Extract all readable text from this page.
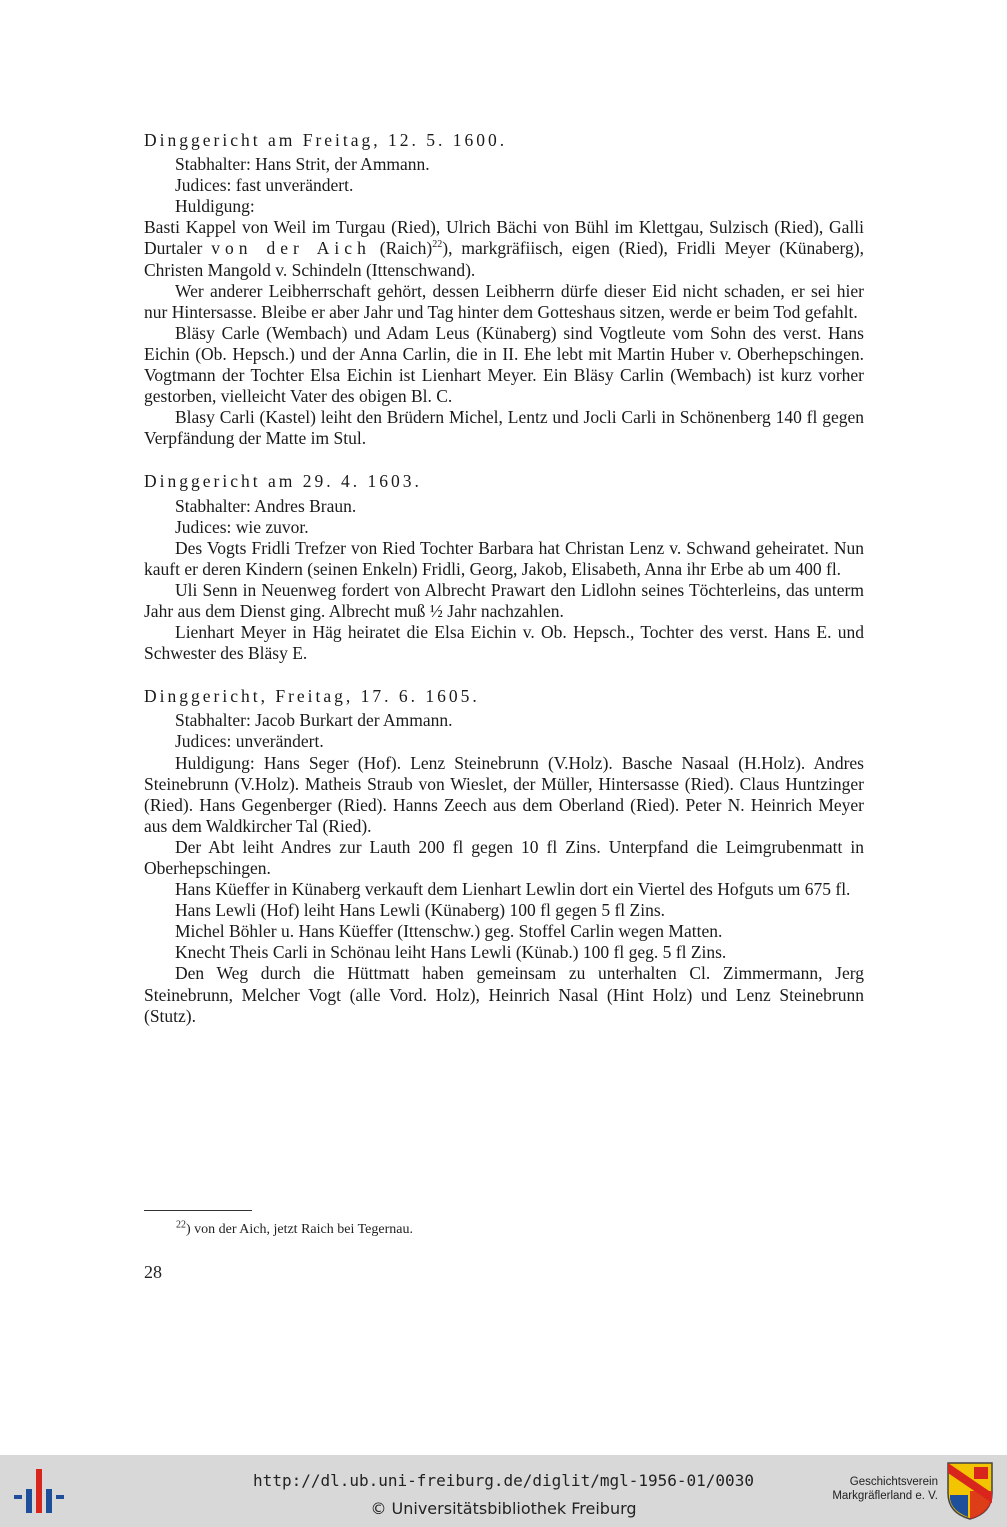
Dinggericht am Freitag, 12. 5. 1600.

Stabhalter: Hans Strit, der Ammann.

Judices: fast unverändert.

Huldigung:

Basti Kappel von Weil im Turgau (Ried), Ulrich Bächi von Bühl im Klettgau, Sulzisch (Ried), Galli Durtaler von der Aich (Raich)$^{22}$), markgräfiisch, eigen (Ried), Fridli Meyer (Künaberg), Christen Mangold v. Schindeln (Ittenschwand).

Wer anderer Leibherrschaft gehört, dessen Leibherrn dürfe dieser Eid nicht schaden, er sei hier nur Hintersasse. Bleibe er aber Jahr und Tag hinter dem Gotteshaus sitzen, werde er beim Tod gefahlt.

Bläsy Carle (Wembach) und Adam Leus (Künaberg) sind Vogtleute vom Sohn des verst. Hans Eichin (Ob. Hepsch.) und der Anna Carlin, die in II. Ehe lebt mit Martin Huber v. Oberhepschingen. Vogtmann der Tochter Elsa Eichin ist Lienhart Meyer. Ein Bläsy Carlin (Wembach) ist kurz vorher gestorben, vielleicht Vater des obigen Bl. C.

Blasy Carli (Kastel) leiht den Brüdern Michel, Lentz und Jocli Carli in Schönenberg 140 fl gegen Verpfändung der Matte im Stul.

Dinggericht am 29. 4. 1603.

Stabhalter: Andres Braun.

Judices: wie zuvor.

Des Vogts Fridli Trefzer von Ried Tochter Barbara hat Christan Lenz v. Schwand geheiratet. Nun kauft er deren Kindern (seinen Enkeln) Fridli, Georg, Jakob, Elisabeth, Anna ihr Erbe ab um 400 fl.

Uli Senn in Neuenweg fordert von Albrecht Prawart den Lidlohn seines Töchterleins, das unterm Jahr aus dem Dienst ging. Albrecht muß ½ Jahr nachzahlen.

Lienhart Meyer in Häg heiratet die Elsa Eichin v. Ob. Hepsch., Tochter des verst. Hans E. und Schwester des Bläsy E.

Dinggericht, Freitag, 17. 6. 1605.

Stabhalter: Jacob Burkart der Ammann.

Judices: unverändert.

Huldigung: Hans Seger (Hof). Lenz Steinebrunn (V.Holz). Basche Nasaal (H.Holz). Andres Steinebrunn (V.Holz). Matheis Straub von Wieslet, der Müller, Hintersasse (Ried). Claus Huntzinger (Ried). Hans Gegenberger (Ried). Hanns Zeech aus dem Oberland (Ried). Peter N. Heinrich Meyer aus dem Waldkircher Tal (Ried).

Der Abt leiht Andres zur Lauth 200 fl gegen 10 fl Zins. Unterpfand die Leimgrubenmatt in Oberhepschingen.

Hans Küeffer in Künaberg verkauft dem Lienhart Lewlin dort ein Viertel des Hofguts um 675 fl.

Hans Lewli (Hof) leiht Hans Lewli (Künaberg) 100 fl gegen 5 fl Zins.

Michel Böhler u. Hans Küeffer (Ittenschw.) geg. Stoffel Carlin wegen Matten.

Knecht Theis Carli in Schönau leiht Hans Lewli (Künab.) 100 fl geg. 5 fl Zins.

Den Weg durch die Hüttmatt haben gemeinsam zu unterhalten Cl. Zimmermann, Jerg Steinebrunn, Melcher Vogt (alle Vord. Holz), Heinrich Nasal (Hint Holz) und Lenz Steinebrunn (Stutz).

$^{22}$) von der Aich, jetzt Raich bei Tegernau.
28
http://dl.ub.uni-freiburg.de/diglit/mgl-1956-01/0030
© Universitätsbibliothek Freiburg
Geschichtsverein
Markgräflerland e. V.
